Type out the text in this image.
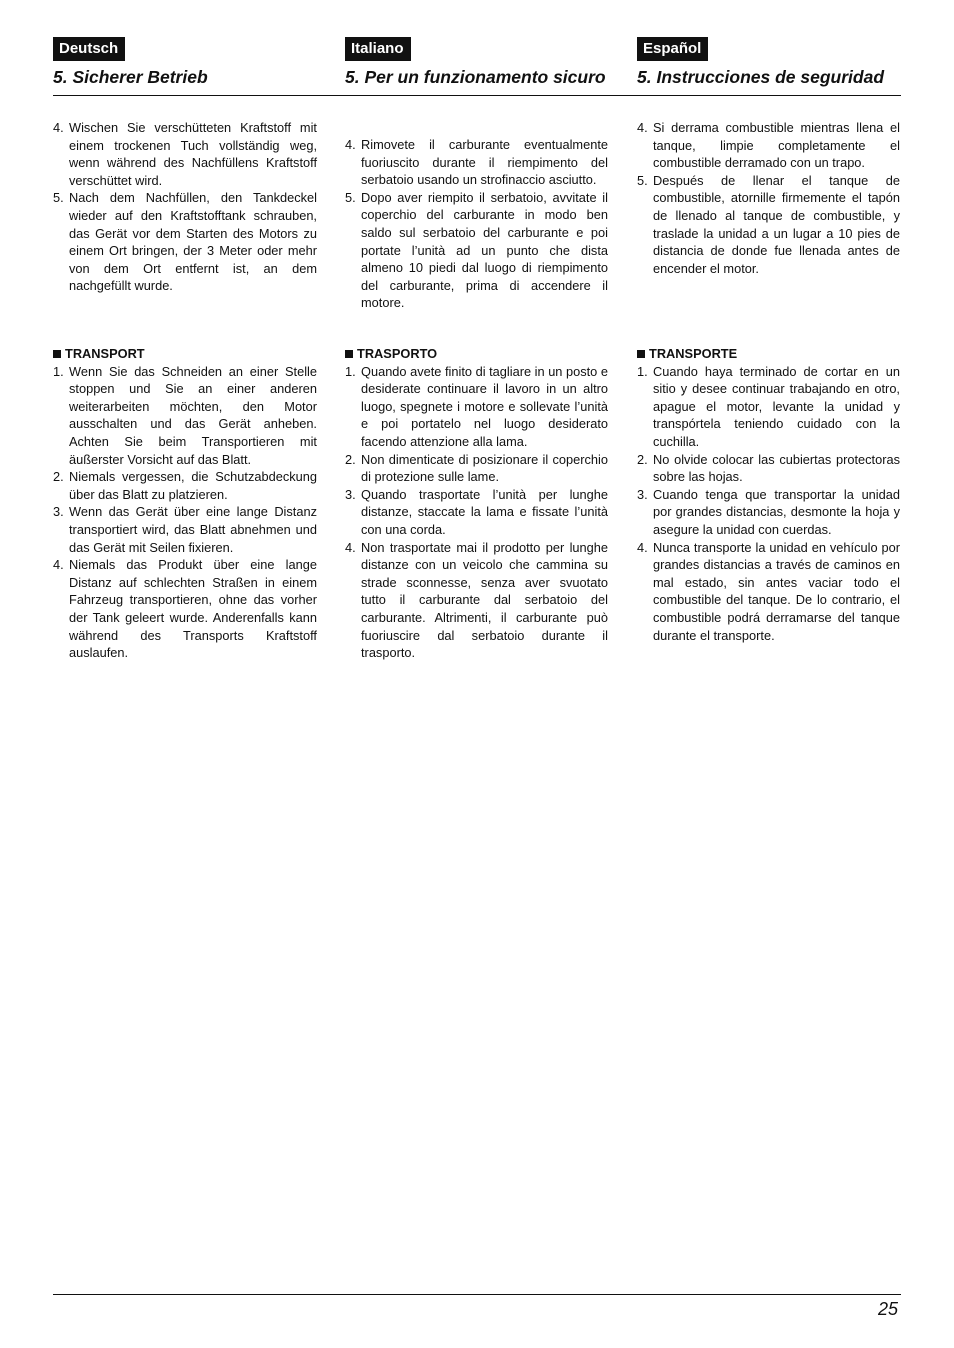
Deutsch
5. Sicherer Betrieb
4. Wischen Sie verschütteten Kraftstoff mit einem trockenen Tuch vollständig weg, wenn während des Nachfüllens Kraftstoff verschüttet wird.
5. Nach dem Nachfüllen, den Tankdeckel wieder auf den Kraftstofftank schrauben, das Gerät vor dem Starten des Motors zu einem Ort bringen, der 3 Meter oder mehr von dem Ort entfernt ist, an dem nachgefüllt wurde.
TRANSPORT
1. Wenn Sie das Schneiden an einer Stelle stoppen und Sie an einer anderen weiterarbeiten möchten, den Motor ausschalten und das Gerät anheben. Achten Sie beim Transportieren mit äußerster Vorsicht auf das Blatt.
2. Niemals vergessen, die Schutzabdeckung über das Blatt zu platzieren.
3. Wenn das Gerät über eine lange Distanz transportiert wird, das Blatt abnehmen und das Gerät mit Seilen fixieren.
4. Niemals das Produkt über eine lange Distanz auf schlechten Straßen in einem Fahrzeug transportieren, ohne das vorher der Tank geleert wurde. Anderenfalls kann während des Transports Kraftstoff auslaufen.
Italiano
5. Per un funzionamento sicuro
4. Rimovete il carburante eventualmente fuoriuscito durante il riempimento del serbatoio usando un strofinaccio asciutto.
5. Dopo aver riempito il serbatoio, avvitate il coperchio del carburante in modo ben saldo sul serbatoio del carburante e poi portate l’unità ad un punto che dista almeno 10 piedi dal luogo di riempimento del carburante, prima di accendere il motore.
TRASPORTO
1. Quando avete finito di tagliare in un posto e desiderate continuare il lavoro in un altro luogo, spegnete i motore e sollevate l’unità e poi portatelo nel luogo desiderato facendo attenzione alla lama.
2. Non dimenticate di posizionare il coperchio di protezione sulle lame.
3. Quando trasportate l’unità per lunghe distanze, staccate la lama e fissate l’unità con una corda.
4. Non trasportate mai il prodotto per lunghe distanze con un veicolo che cammina su strade sconnesse, senza aver svuotato tutto il carburante dal serbatoio del carburante. Altrimenti, il carburante può fuoriuscire dal serbatoio durante il trasporto.
Español
5. Instrucciones de seguridad
4. Si derrama combustible mientras llena el tanque, limpie completamente el combustible derramado con un trapo.
5. Después de llenar el tanque de combustible, atornille firmemente el tapón de llenado al tanque de combustible, y traslade la unidad a un lugar a 10 pies de distancia de donde fue llenada antes de encender el motor.
TRANSPORTE
1. Cuando haya terminado de cortar en un sitio y desee continuar trabajando en otro, apague el motor, levante la unidad y transpórtela teniendo cuidado con la cuchilla.
2. No olvide colocar las cubiertas protectoras sobre las hojas.
3. Cuando tenga que transportar la unidad por grandes distancias, desmonte la hoja y asegure la unidad con cuerdas.
4. Nunca transporte la unidad en vehículo por grandes distancias a través de caminos en mal estado, sin antes vaciar todo el combustible del tanque. De lo contrario, el combustible podrá derramarse del tanque durante el transporte.
25
